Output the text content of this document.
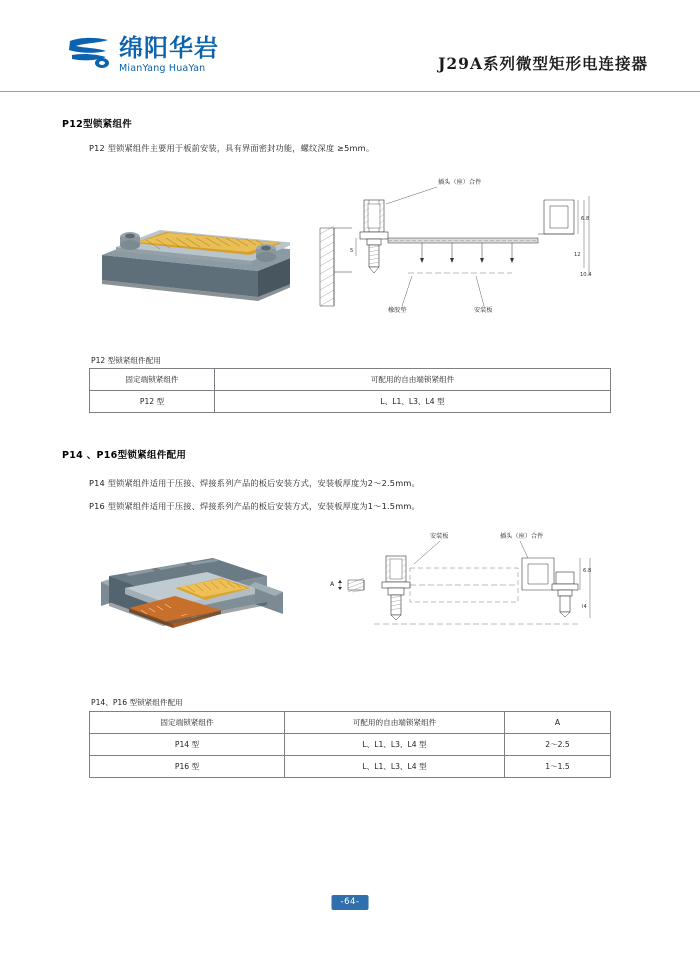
绵阳华岩
MianYang HuaYan	J29A系列微型矩形电连接器
P12型锁紧组件
P12 型锁紧组件主要用于板前安装，具有界面密封功能，螺纹深度 ≥5mm。
插头（座）合件
6.8
12
10.4
5
橡胶垫	安装板
P12 型锁紧组件配用
固定端锁紧组件	可配用的自由端锁紧组件
P12 型	L、L1、L3、L4 型
P14 、P16型锁紧组件配用
P14 型锁紧组件适用于压接、焊接系列产品的板后安装方式，安装板厚度为2～2.5mm。
P16 型锁紧组件适用于压接、焊接系列产品的板后安装方式，安装板厚度为1～1.5mm。
安装板	插头（座）合件
A
6.8
l4
P14、P16 型锁紧组件配用
固定端锁紧组件	可配用的自由端锁紧组件	A
P14 型	L、L1、L3、L4 型	2～2.5
P16 型	L、L1、L3、L4 型	1～1.5
-64-
